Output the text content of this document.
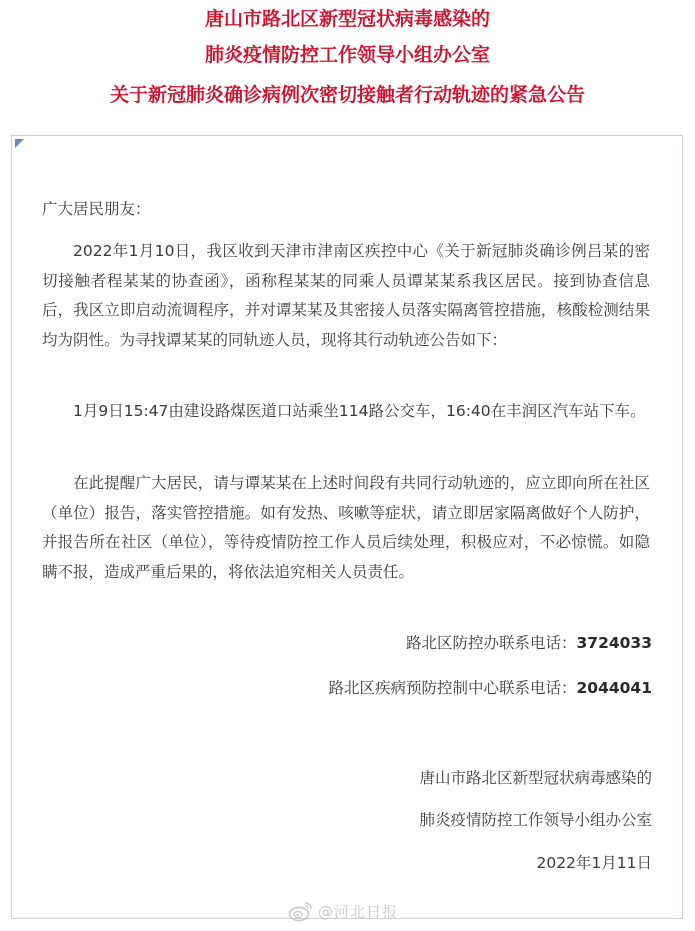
唐山市路北区新型冠状病毒感染的
肺炎疫情防控工作领导小组办公室
关于新冠肺炎确诊病例次密切接触者行动轨迹的紧急公告
广大居民朋友：

2022年1月10日，我区收到天津市津南区疾控中心《关于新冠肺炎确诊例吕某的密切接触者程某某的协查函》，函称程某某的同乘人员谭某某系我区居民。接到协查信息后，我区立即启动流调程序，并对谭某某及其密接人员落实隔离管控措施，核酸检测结果均为阴性。为寻找谭某某的同轨迹人员，现将其行动轨迹公告如下：

1月9日15:47由建设路煤医道口站乘坐114路公交车，16:40在丰润区汽车站下车。

在此提醒广大居民，请与谭某某在上述时间段有共同行动轨迹的，应立即向所在社区（单位）报告，落实管控措施。如有发热、咳嗽等症状，请立即居家隔离做好个人防护，并报告所在社区（单位），等待疫情防控工作人员后续处理，积极应对，不必惊慌。如隐瞒不报，造成严重后果的，将依法追究相关人员责任。

路北区防控办联系电话：3724033
路北区疾病预防控制中心联系电话：2044041
唐山市路北区新型冠状病毒感染的
肺炎疫情防控工作领导小组办公室
2022年1月11日
@河北日报
